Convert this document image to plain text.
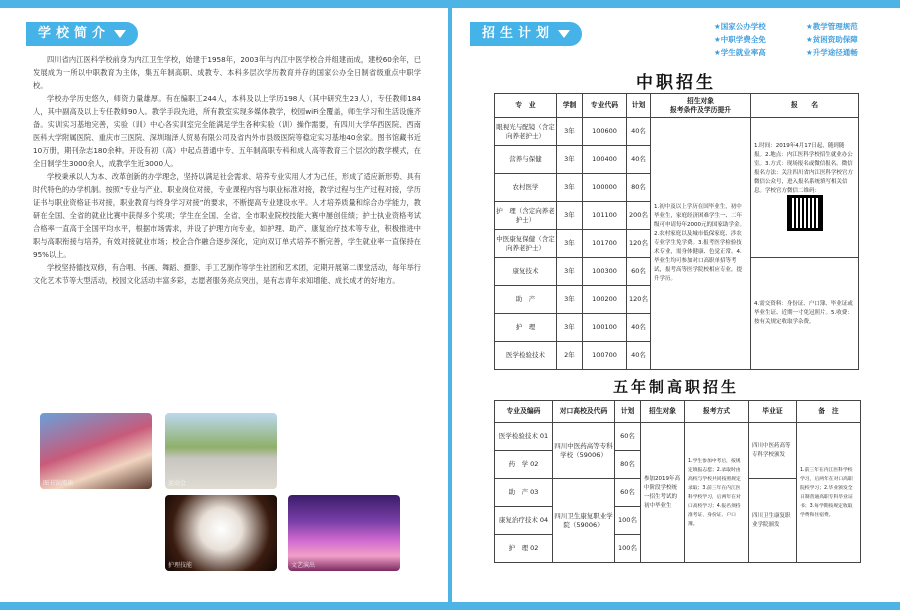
学校简介

四川省内江医科学校前身为内江卫生学校，始建于1958年，2003年与内江中医学校合并组建而成，建校60余年，已发展成为一所以中职教育为主体，集五年制高职、成教专、本科多层次学历教育并存的国家公办全日制省级重点中职学校。

学校办学历史悠久，师资力量雄厚。有在编职工244人，本科及以上学历198人（其中研究生23人），专任教师184人，其中副高及以上专任教师90人。教学手段先进，所有教室实现多媒体教学，校园wiFi全覆盖，师生学习和生活设施齐备。实训实习基地完善，实验（训）中心各实训室完全能满足学生各种实验（训）操作需要，有四川大学华西医院、西南医科大学附属医院、重庆市三医院、深圳瑞泽人贸易有限公司及省内外市县级医院等稳定实习基地40余家。图书馆藏书近10万册，期刊杂志180余种。开设有初（高）中起点普通中专、五年制高职专科和成人高等教育三个层次的教学模式，在全日制学生3000余人，成教学生近3000人。

学校秉承以人为本、改革创新的办学理念，坚持以满足社会需求、培养专业实用人才为己任，形成了适应新形势、具有时代特色的办学机制。按照“专业与产业、职业岗位对接，专业课程内容与职业标准对接，教学过程与生产过程对接，学历证书与职业资格证书对接，职业教育与终身学习对接”的要求，不断提高专业建设水平。人才培养质量和综合办学能力，教研在全国、全省的就业比赛中获得多个奖项；学生在全国、全省、全市职业院校技能大赛中屡创佳绩；护士执业资格考试合格率一直高于全国平均水平，根据市场需求，并设了护理方向专业，如护理、助产、康复治疗技术等专业，积极推进中职与高职衔接与培养，有效对接就业市场；校企合作融合逐步深化，定向双订单式培养不断完善，学生就业率一直保持在95%以上。

学校坚持德技双修，有合唱、书画、舞蹈、摄影、手工艺制作等学生社团和艺术团，定期开展第二课堂活动，每年举行文化艺术节等大型活动，校园文化活动丰富多彩，志愿者服务亮点突出，是有志青年求知增能、成长成才的好地方。

图书馆阅读	运动会
护理技能	文艺演出
招生计划	★国家公办学校	★教学管理规范 ★中职学费全免	★贫困资助保障 ★学生就业率高	★升学途径通畅
中职招生
专　业	学制	专业代码	计划	招生对象
报考条件及学历提升	报　　名
眼视光与配镜（含定向养老护士）	3年	100600	40名	1.初中及以上学历在国毕业生，初中毕业生，家庭经济困难学生一、二年级可申请每年2000元的国家助学金。2.农村家庭以及城市低保家庭、涉农专业学生免学费。3.报考医学检验技术专业，需身体健康、色觉正常。4.毕业生均可参加对口高职单招等考试，报考高等医学院校相应专业，提升学历。	1.时间：2019年4月17日起，随到随报。2.地点：内江医科学校招生就业办公室。3.方式：现场报名或微信报名。微信报名方法：关注四川省内江医科学校官方微信公众号，进入报名系统填写相关信息。学校官方微信二维码：

营养与保健	3年	100400	40名		
农村医学	3年	100000	80名		
护　理（含定向养老护士）	3年	101100	200名		
中医康复保健（含定向养老护士）	3年	101700	120名		
康复技术	3年	100300	60名		4.需交资料：身份证、户口簿、毕业证或毕业生证、近期一寸免冠照片。5.收费：按有关规定收取学杂费。
助　产	3年	100200	120名		
护　理	3年	100100	40名		
医学检验技术	2年	100700	40名		
五年制高职招生
专业及编码	对口高校及代码	计划	招生对象	报考方式	毕业证	备　注
医学检验技术 01	四川中医药高等专科学校（59006）	60名	参加2019年高中阶段学校统一招生考试的初中毕业生	1.学生参加中考后，按规定填报志愿；2.录取时由高校与学校共同按照规定录取；3.前三年在内江医科学校学习，后两年在对口高校学习；4.报名须持准考证、身份证、户口簿。	四川中医药高等专科学校颁发	1.前三年在内江医科学校学习，后两年在对口高职院校学习；2.毕业颁发全日制普通高职专科毕业证书；3.每学期按规定收取学费和住宿费。
药　学 02		80名				
助　产 03	四川卫生康复职业学院（59006）	60名			四川卫生康复职业学院颁发	
康复治疗技术 04		100名				
护　理 02		100名				
